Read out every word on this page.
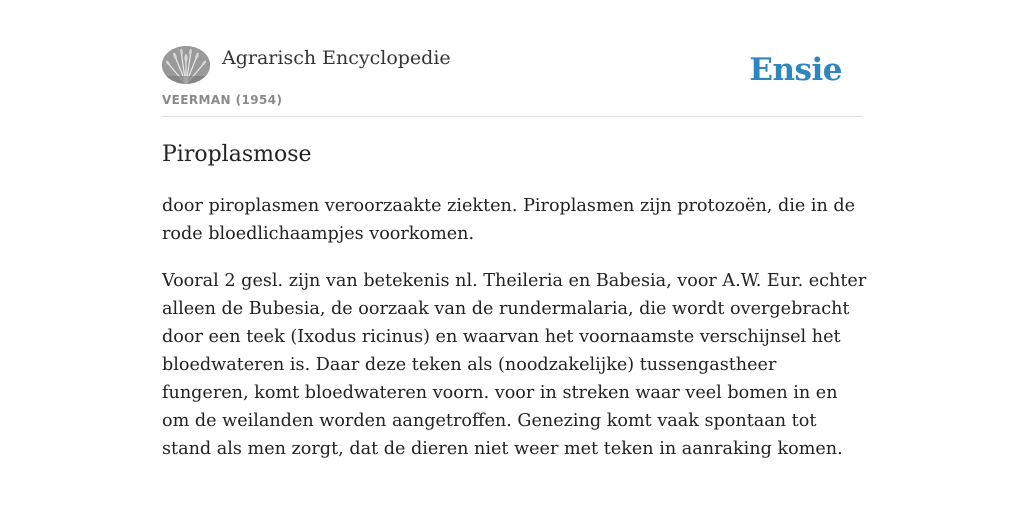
Agrarisch Encyclopedie
VEERMAN (1954)
Ensie
Piroplasmose

door piroplasmen veroorzaakte ziekten. Piroplasmen zijn protozoën, die in de rode bloedlichaampjes voorkomen.

Vooral 2 gesl. zijn van betekenis nl. Theileria en Babesia, voor A.W. Eur. echter alleen de Bubesia, de oorzaak van de rundermalaria, die wordt overgebracht door een teek (Ixodus ricinus) en waarvan het voornaamste verschijnsel het bloedwateren is. Daar deze teken als (noodzakelijke) tussengastheer fungeren, komt bloedwateren voorn. voor in streken waar veel bomen in en om de weilanden worden aangetroffen. Genezing komt vaak spontaan tot stand als men zorgt, dat de dieren niet weer met teken in aanraking komen.
